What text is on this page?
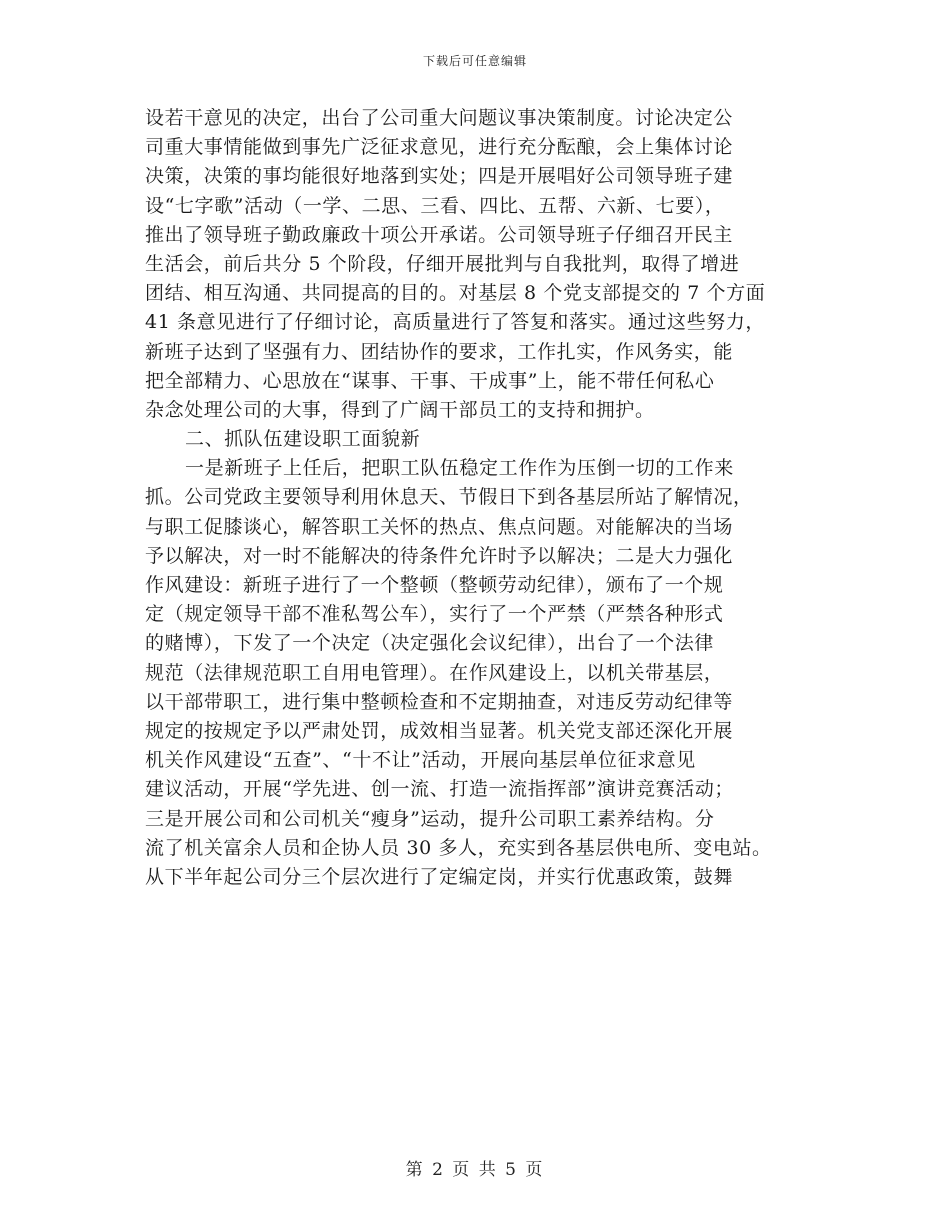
下载后可任意编辑
设若干意见的决定，出台了公司重大问题议事决策制度。讨论决定公
司重大事情能做到事先广泛征求意见，进行充分酝酿，会上集体讨论
决策，决策的事均能很好地落到实处；四是开展唱好公司领导班子建
设“七字歌”活动（一学、二思、三看、四比、五帮、六新、七要），
推出了领导班子勤政廉政十项公开承诺。公司领导班子仔细召开民主
生活会，前后共分 5 个阶段，仔细开展批判与自我批判，取得了增进
团结、相互沟通、共同提高的目的。对基层 8 个党支部提交的 7 个方面
41 条意见进行了仔细讨论，高质量进行了答复和落实。通过这些努力，
新班子达到了坚强有力、团结协作的要求，工作扎实，作风务实，能
把全部精力、心思放在“谋事、干事、干成事”上，能不带任何私心
杂念处理公司的大事，得到了广阔干部员工的支持和拥护。
二、抓队伍建设职工面貌新
一是新班子上任后，把职工队伍稳定工作作为压倒一切的工作来
抓。公司党政主要领导利用休息天、节假日下到各基层所站了解情况，
与职工促膝谈心，解答职工关怀的热点、焦点问题。对能解决的当场
予以解决，对一时不能解决的待条件允许时予以解决；二是大力强化
作风建设：新班子进行了一个整顿（整顿劳动纪律），颁布了一个规
定（规定领导干部不准私驾公车），实行了一个严禁（严禁各种形式
的赌博），下发了一个决定（决定强化会议纪律），出台了一个法律
规范（法律规范职工自用电管理）。在作风建设上，以机关带基层，
以干部带职工，进行集中整顿检查和不定期抽查，对违反劳动纪律等
规定的按规定予以严肃处罚，成效相当显著。机关党支部还深化开展
机关作风建设“五查”、“十不让”活动，开展向基层单位征求意见
建议活动，开展“学先进、创一流、打造一流指挥部”演讲竞赛活动；
三是开展公司和公司机关“瘦身”运动，提升公司职工素养结构。分
流了机关富余人员和企协人员 30 多人，充实到各基层供电所、变电站。
从下半年起公司分三个层次进行了定编定岗，并实行优惠政策，鼓舞
第 2 页 共 5 页
